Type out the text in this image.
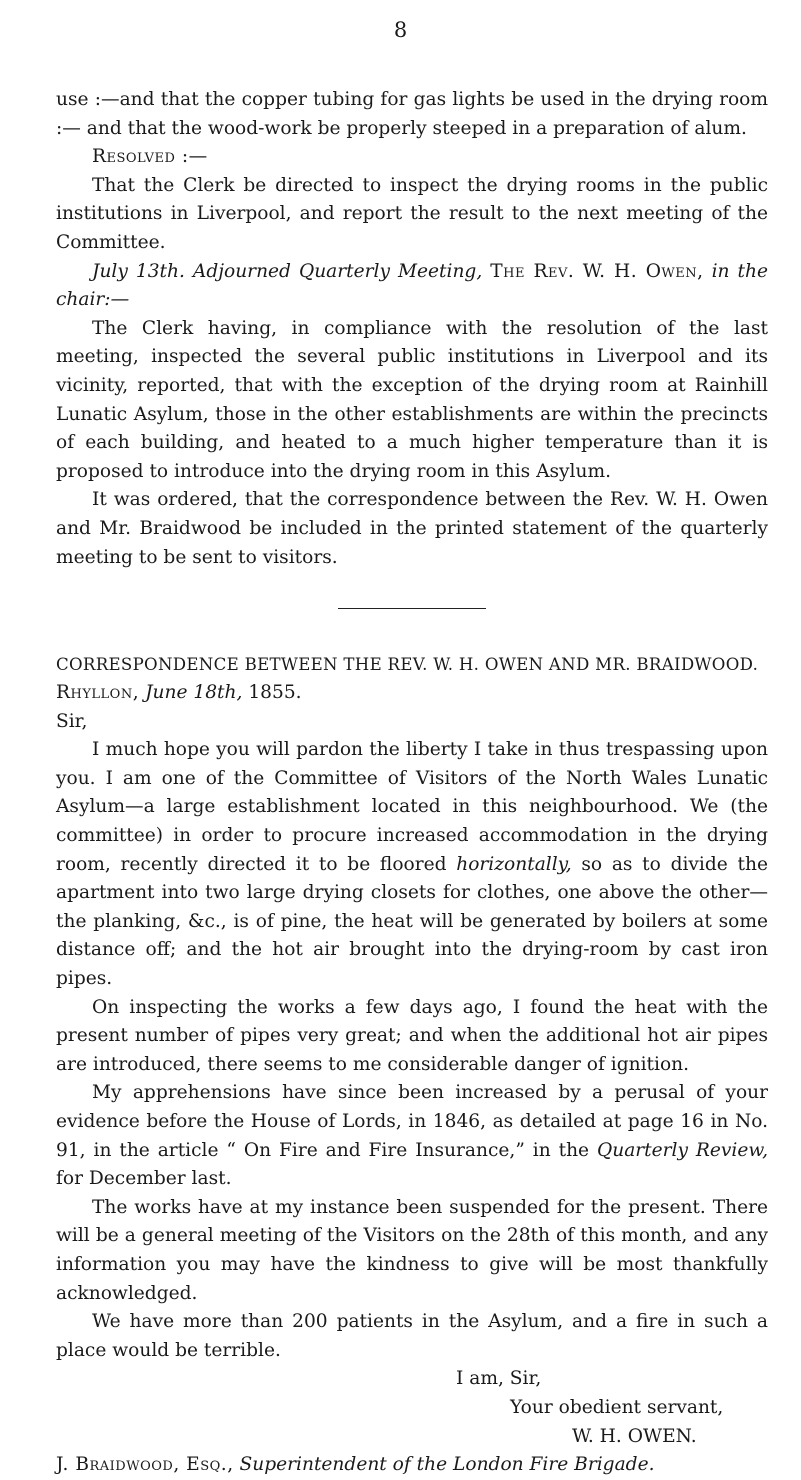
8

use :—and that the copper tubing for gas lights be used in the drying room :— and that the wood-work be properly steeped in a preparation of alum.

Resolved :—

That the Clerk be directed to inspect the drying rooms in the public institutions in Liverpool, and report the result to the next meeting of the Committee.

July 13th. Adjourned Quarterly Meeting, The Rev. W. H. Owen, in the chair:—

The Clerk having, in compliance with the resolution of the last meeting, inspected the several public institutions in Liverpool and its vicinity, reported, that with the exception of the drying room at Rainhill Lunatic Asylum, those in the other establishments are within the precincts of each building, and heated to a much higher temperature than it is proposed to introduce into the drying room in this Asylum.

It was ordered, that the correspondence between the Rev. W. H. Owen and Mr. Braidwood be included in the printed statement of the quarterly meeting to be sent to visitors.

CORRESPONDENCE BETWEEN THE REV. W. H. OWEN AND MR. BRAIDWOOD.

Rhyllon, June 18th, 1855.

Sir,

I much hope you will pardon the liberty I take in thus trespassing upon you. I am one of the Committee of Visitors of the North Wales Lunatic Asylum—a large establishment located in this neighbourhood. We (the committee) in order to procure increased accommodation in the drying room, recently directed it to be floored horizontally, so as to divide the apartment into two large drying closets for clothes, one above the other—the planking, &c., is of pine, the heat will be generated by boilers at some distance off; and the hot air brought into the drying-room by cast iron pipes.

On inspecting the works a few days ago, I found the heat with the present number of pipes very great; and when the additional hot air pipes are introduced, there seems to me considerable danger of ignition.

My apprehensions have since been increased by a perusal of your evidence before the House of Lords, in 1846, as detailed at page 16 in No. 91, in the article “ On Fire and Fire Insurance,” in the Quarterly Review, for December last.

The works have at my instance been suspended for the present. There will be a general meeting of the Visitors on the 28th of this month, and any information you may have the kindness to give will be most thankfully acknowledged.

We have more than 200 patients in the Asylum, and a fire in such a place would be terrible.

I am, Sir,

Your obedient servant,

W. H. OWEN.

J. Braidwood, Esq., Superintendent of the London Fire Brigade.
